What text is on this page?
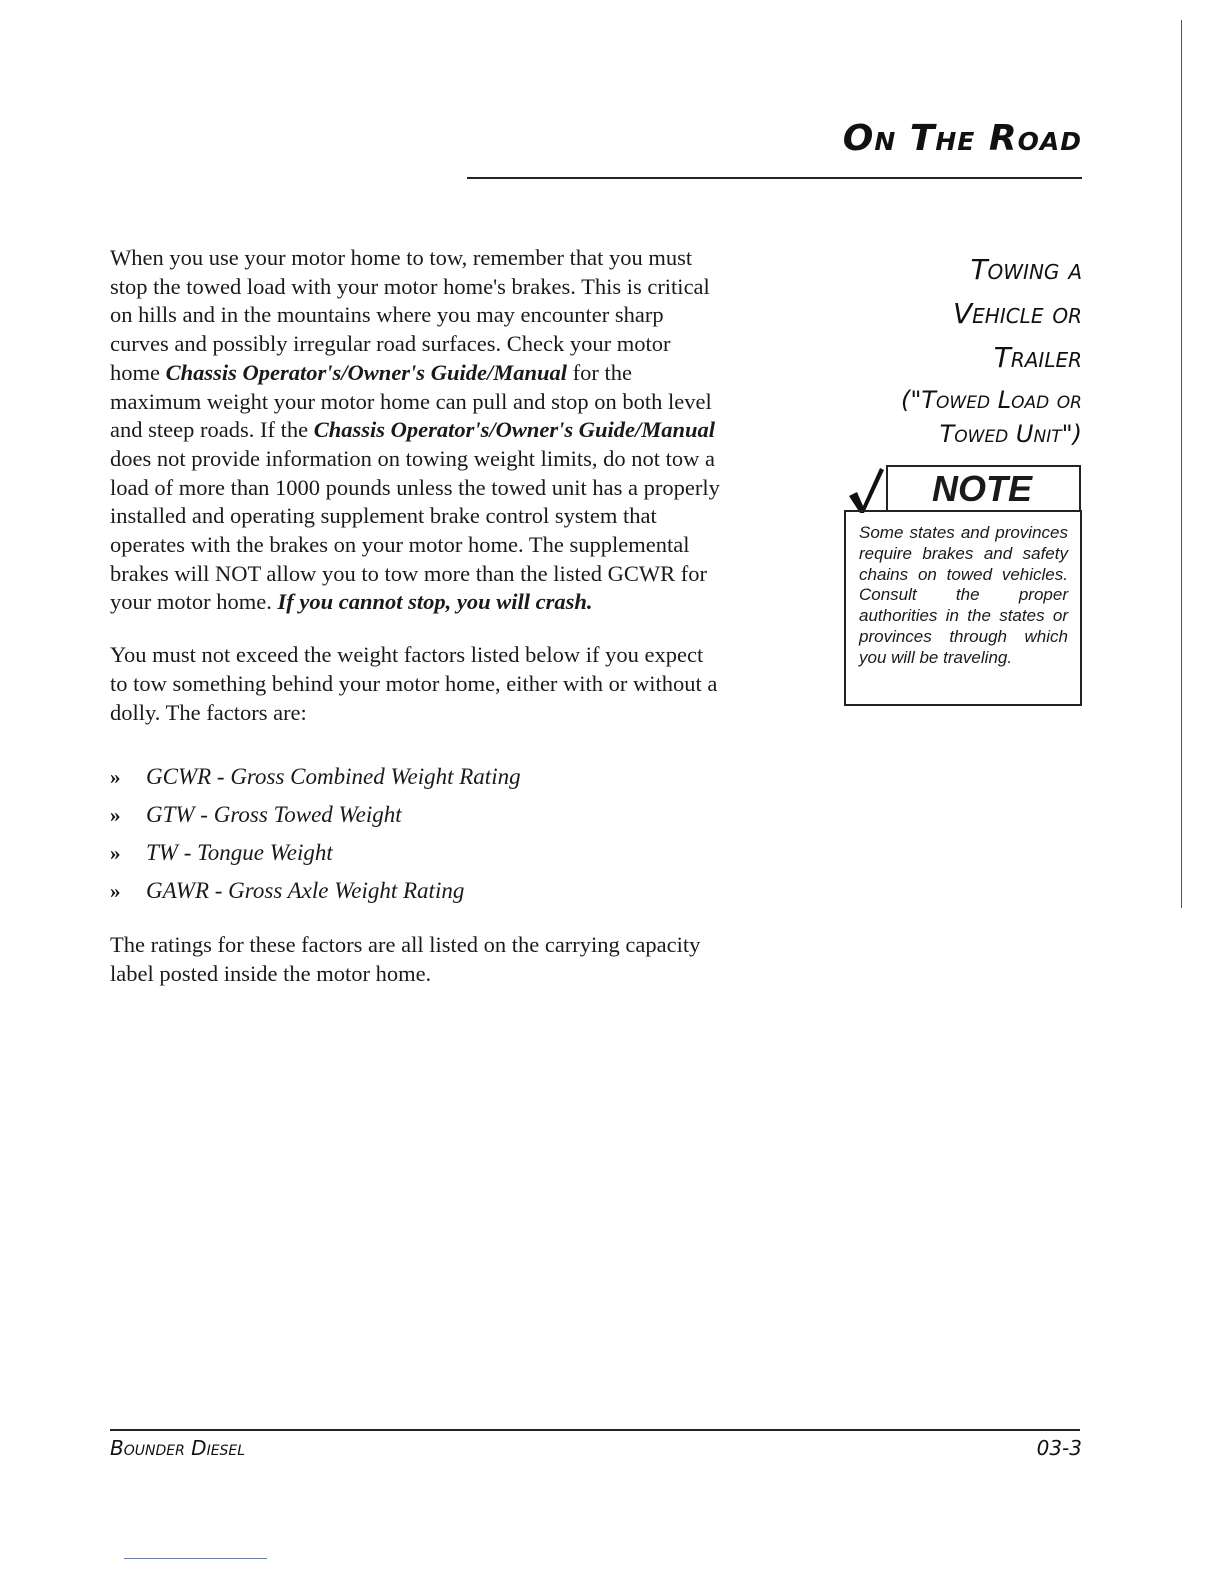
On The Road

When you use your motor home to tow, remember that you must stop the towed load with your motor home's brakes. This is critical on hills and in the mountains where you may encounter sharp curves and possibly irregular road surfaces. Check your motor home Chassis Operator's/Owner's Guide/Manual for the maximum weight your motor home can pull and stop on both level and steep roads. If the Chassis Operator's/Owner's Guide/Manual does not provide information on towing weight limits, do not tow a load of more than 1000 pounds unless the towed unit has a properly installed and operating supplement brake control system that operates with the brakes on your motor home. The supplemental brakes will NOT allow you to tow more than the listed GCWR for your motor home. If you cannot stop, you will crash.

You must not exceed the weight factors listed below if you expect to tow something behind your motor home, either with or without a dolly. The factors are:

» GCWR - Gross Combined Weight Rating
» GTW - Gross Towed Weight
» TW - Tongue Weight
» GAWR - Gross Axle Weight Rating

The ratings for these factors are all listed on the carrying capacity label posted inside the motor home.

Towing a
Vehicle or
Trailer
("Towed Load or
Towed Unit")
NOTE
Some states and provinces require brakes and safety chains on towed vehicles. Consult the proper authorities in the states or provinces through which you will be traveling.
Bounder Diesel	03-3
